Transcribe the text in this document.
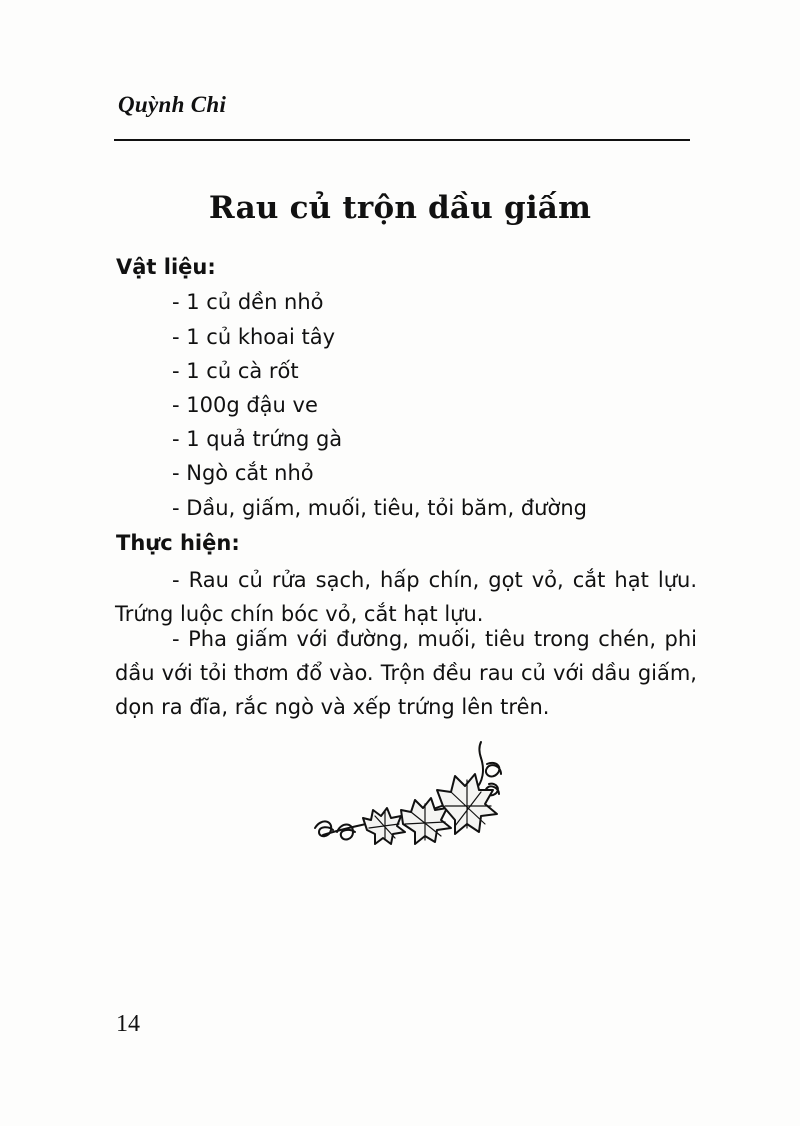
Quỳnh Chi
Rau củ trộn dầu giấm
Vật liệu:
- 1 củ dền nhỏ
- 1 củ khoai tây
- 1 củ cà rốt
- 100g đậu ve
- 1 quả trứng gà
- Ngò cắt nhỏ
- Dầu, giấm, muối, tiêu, tỏi băm, đường
Thực hiện:

- Rau củ rửa sạch, hấp chín, gọt vỏ, cắt hạt lựu. Trứng luộc chín bóc vỏ, cắt hạt lựu.

- Pha giấm với đường, muối, tiêu trong chén, phi dầu với tỏi thơm đổ vào. Trộn đều rau củ với dầu giấm, dọn ra đĩa, rắc ngò và xếp trứng lên trên.

14
